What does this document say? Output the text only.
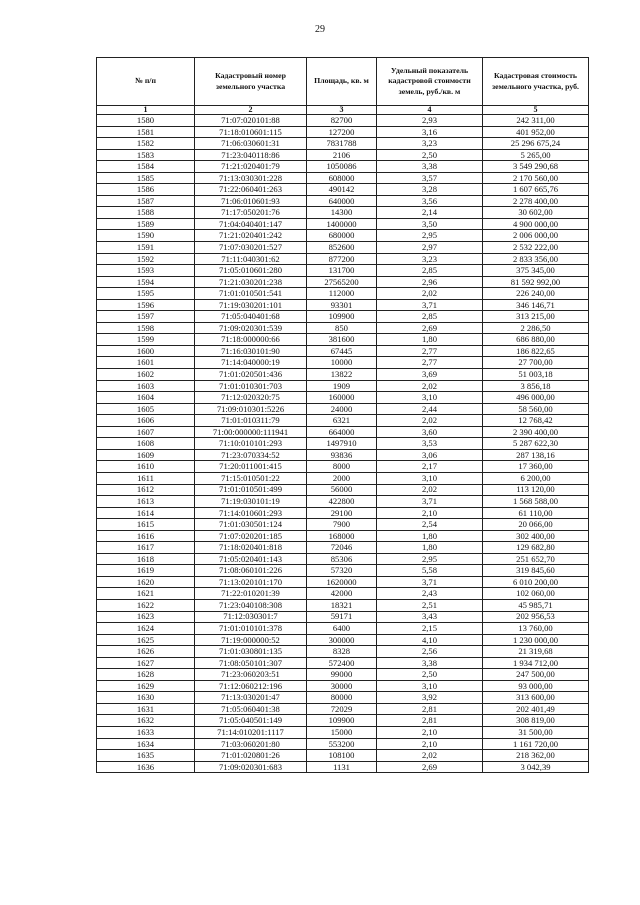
29
№ п/п	Кадастровый номер земельного участка	Площадь, кв. м	Удельный показатель кадастровой стоимости земель, руб./кв. м	Кадастровая стоимость земельного участка, руб.
1	2	3	4	5
1580	71:07:020101:88	82700	2,93	242 311,00
1581	71:18:010601:115	127200	3,16	401 952,00
1582	71:06:030601:31	7831788	3,23	25 296 675,24
1583	71:23:040118:86	2106	2,50	5 265,00
1584	71:21:020401:79	1050086	3,38	3 549 290,68
1585	71:13:030301:228	608000	3,57	2 170 560,00
1586	71:22:060401:263	490142	3,28	1 607 665,76
1587	71:06:010601:93	640000	3,56	2 278 400,00
1588	71:17:050201:76	14300	2,14	30 602,00
1589	71:04:040401:147	1400000	3,50	4 900 000,00
1590	71:21:020401:242	680000	2,95	2 006 000,00
1591	71:07:030201:527	852600	2,97	2 532 222,00
1592	71:11:040301:62	877200	3,23	2 833 356,00
1593	71:05:010601:280	131700	2,85	375 345,00
1594	71:21:030201:238	27565200	2,96	81 592 992,00
1595	71:01:010501:541	112000	2,02	226 240,00
1596	71:19:030201:101	93301	3,71	346 146,71
1597	71:05:040401:68	109900	2,85	313 215,00
1598	71:09:020301:539	850	2,69	2 286,50
1599	71:18:000000:66	381600	1,80	686 880,00
1600	71:16:030101:90	67445	2,77	186 822,65
1601	71:14:040000:19	10000	2,77	27 700,00
1602	71:01:020501:436	13822	3,69	51 003,18
1603	71:01:010301:703	1909	2,02	3 856,18
1604	71:12:020320:75	160000	3,10	496 000,00
1605	71:09:010301:5226	24000	2,44	58 560,00
1606	71:01:010311:79	6321	2,02	12 768,42
1607	71:00:000000:111941	664000	3,60	2 390 400,00
1608	71:10:010101:293	1497910	3,53	5 287 622,30
1609	71:23:070334:52	93836	3,06	287 138,16
1610	71:20:011001:415	8000	2,17	17 360,00
1611	71:15:010501:22	2000	3,10	6 200,00
1612	71:01:010501:499	56000	2,02	113 120,00
1613	71:19:030101:19	422800	3,71	1 568 588,00
1614	71:14:010601:293	29100	2,10	61 110,00
1615	71:01:030501:124	7900	2,54	20 066,00
1616	71:07:020201:185	168000	1,80	302 400,00
1617	71:18:020401:818	72046	1,80	129 682,80
1618	71:05:020401:143	85306	2,95	251 652,70
1619	71:08:060101:226	57320	5,58	319 845,60
1620	71:13:020101:170	1620000	3,71	6 010 200,00
1621	71:22:010201:39	42000	2,43	102 060,00
1622	71:23:040108:308	18321	2,51	45 985,71
1623	71:12:030301:7	59171	3,43	202 956,53
1624	71:01:010101:378	6400	2,15	13 760,00
1625	71:19:000000:52	300000	4,10	1 230 000,00
1626	71:01:030801:135	8328	2,56	21 319,68
1627	71:08:050101:307	572400	3,38	1 934 712,00
1628	71:23:060203:51	99000	2,50	247 500,00
1629	71:12:060212:196	30000	3,10	93 000,00
1630	71:13:030201:47	80000	3,92	313 600,00
1631	71:05:060401:38	72029	2,81	202 401,49
1632	71:05:040501:149	109900	2,81	308 819,00
1633	71:14:010201:1117	15000	2,10	31 500,00
1634	71:03:060201:80	553200	2,10	1 161 720,00
1635	71:01:020801:26	108100	2,02	218 362,00
1636	71:09:020301:683	1131	2,69	3 042,39
